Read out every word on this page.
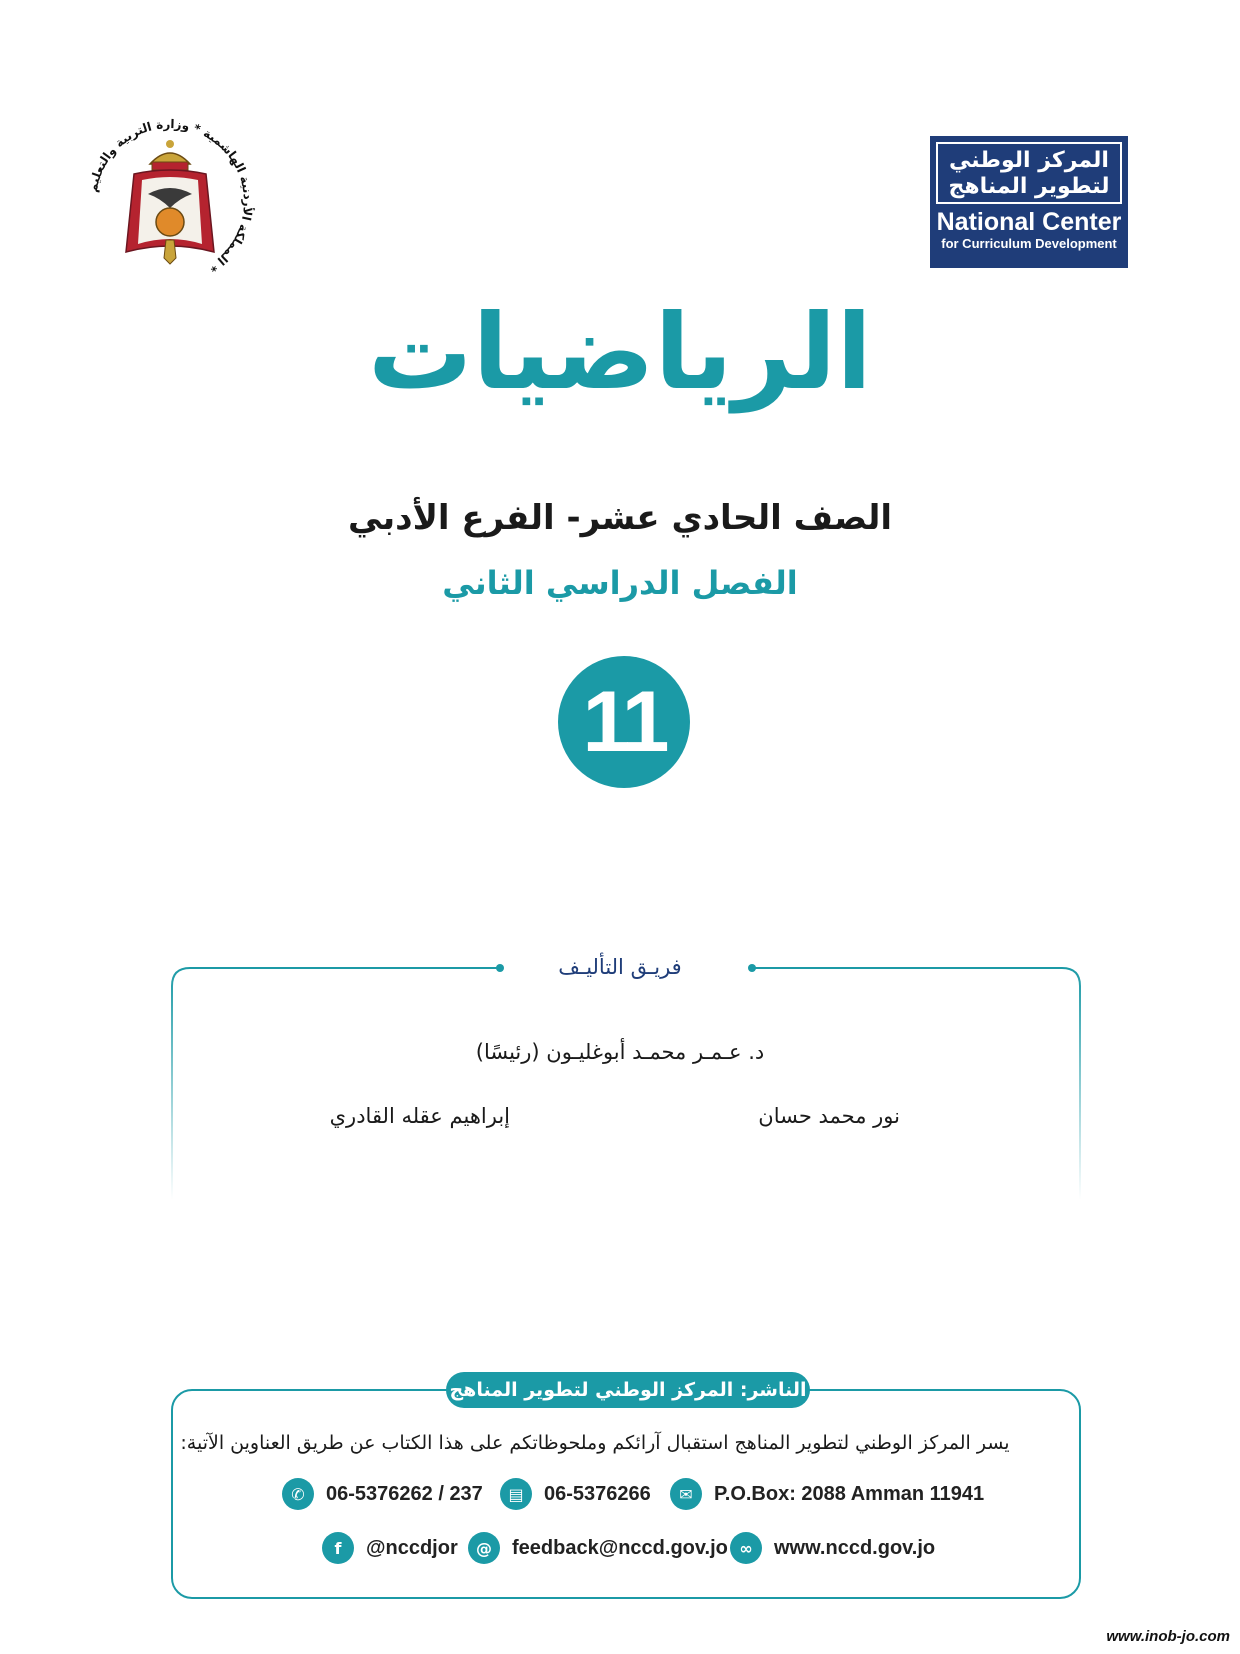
المملكة الأردنية الهاشمية * وزارة التربية والتعليم *
المركز الوطني لتطوير المناهج
National Center
for Curriculum Development
الرياضيات
الصف الحادي عشر- الفرع الأدبي
الفصل الدراسي الثاني
11
فريـق التأليـف
د. عـمـر محمـد أبوغليـون (رئيسًا)
نور محمد حسان
إبراهيم عقله القادري
الناشر: المركز الوطني لتطوير المناهج
يسر المركز الوطني لتطوير المناهج استقبال آرائكم وملحوظاتكم على هذا الكتاب عن طريق العناوين الآتية:
✆	06-5376262 / 237	▤	06-5376266	✉	P.O.Box: 2088 Amman 11941
f	@nccdjor	@	feedback@nccd.gov.jo ∞	www.nccd.gov.jo
www.inob-jo.com
